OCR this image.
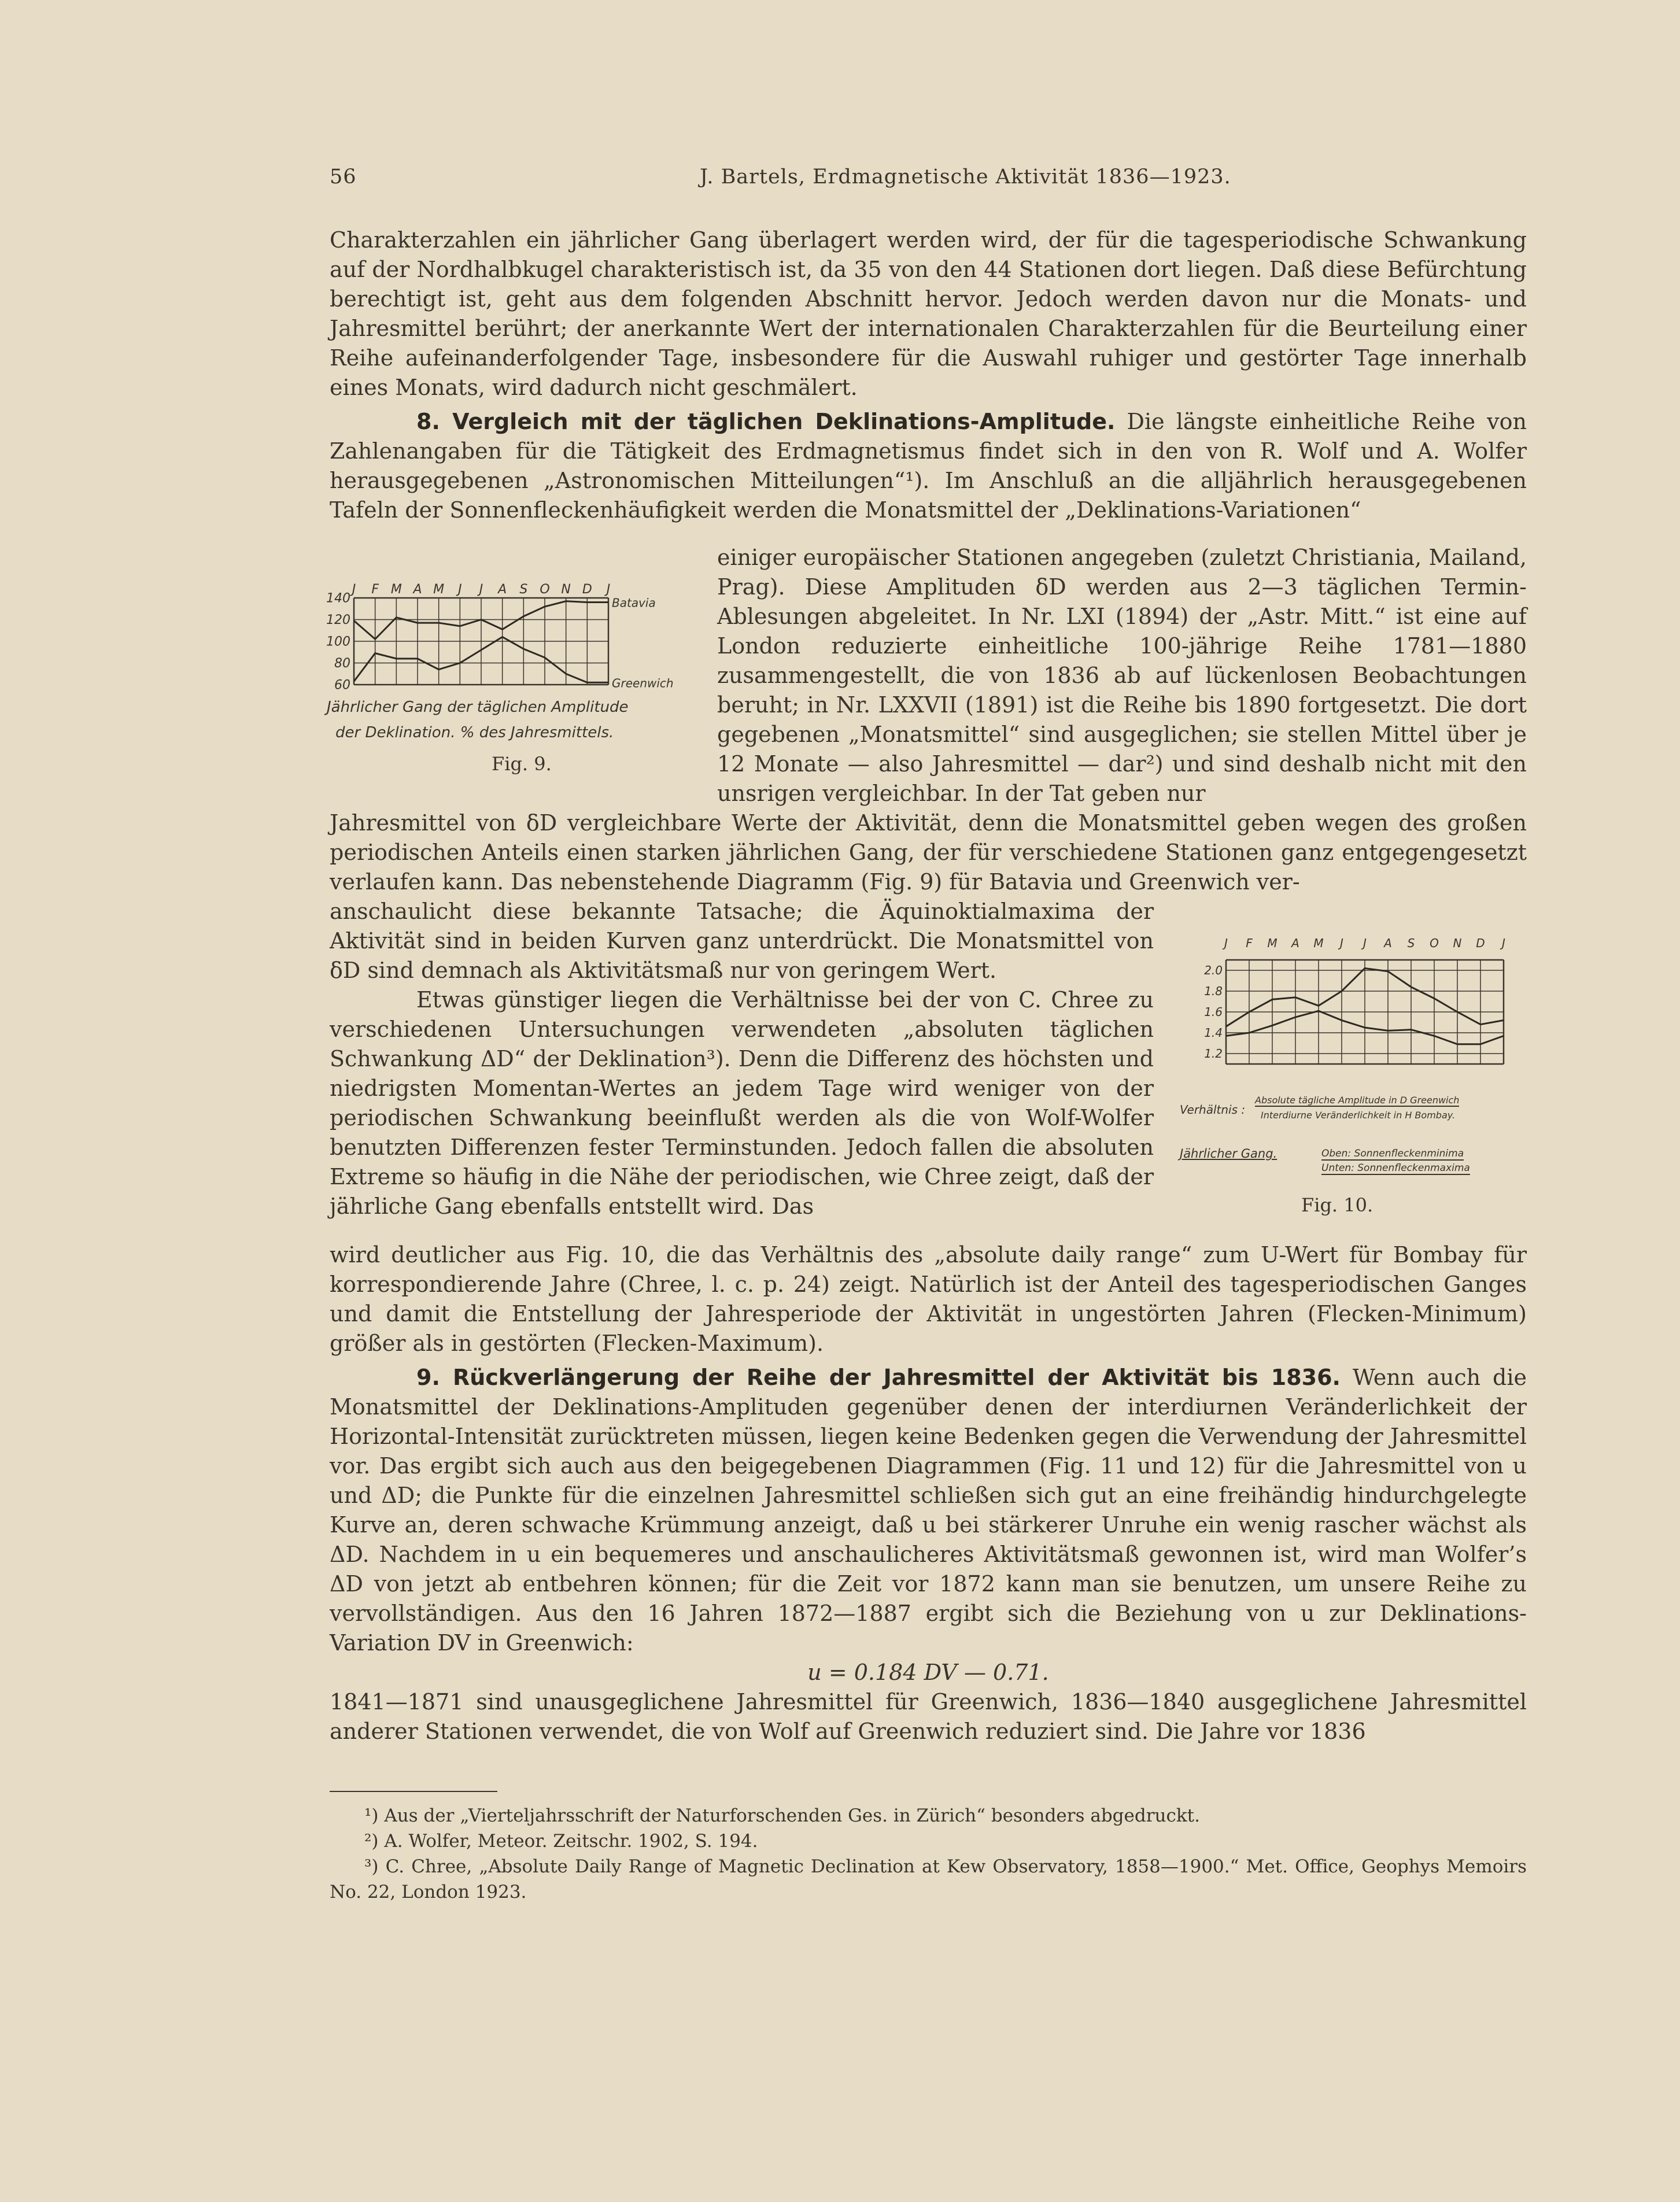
56	J. Bartels, Erdmagnetische Aktivität 1836—1923.

Charakterzahlen ein jährlicher Gang überlagert werden wird, der für die tagesperiodische Schwankung auf der Nordhalbkugel charakteristisch ist, da 35 von den 44 Stationen dort liegen. Daß diese Befürchtung berechtigt ist, geht aus dem folgenden Abschnitt hervor. Jedoch werden davon nur die Monats- und Jahresmittel berührt; der anerkannte Wert der internationalen Charakterzahlen für die Beurteilung einer Reihe aufeinanderfolgender Tage, insbesondere für die Auswahl ruhiger und gestörter Tage innerhalb eines Monats, wird dadurch nicht geschmälert.

8. Vergleich mit der täglichen Deklinations-Amplitude. Die längste einheitliche Reihe von Zahlenangaben für die Tätigkeit des Erdmagnetismus findet sich in den von R. Wolf und A. Wolfer herausgegebenen „Astronomischen Mitteilungen“¹). Im Anschluß an die alljährlich herausgegebenen Tafeln der Sonnenfleckenhäufigkeit werden die Monatsmittel der „Deklinations-Variationen“

J F M A M J J A S O N D J
140
120
100
80
60
Batavia
Greenwich
Jährlicher Gang der täglichen Amplitude
der Deklination. % des Jahresmittels.
Fig. 9.

einiger europäischer Stationen angegeben (zuletzt Christiania, Mailand, Prag). Diese Amplituden δD werden aus 2—3 täglichen Termin-Ablesungen abgeleitet. In Nr. LXI (1894) der „Astr. Mitt.“ ist eine auf London reduzierte einheitliche 100-jährige Reihe 1781—1880 zusammengestellt, die von 1836 ab auf lückenlosen Beobachtungen beruht; in Nr. LXXVII (1891) ist die Reihe bis 1890 fortgesetzt. Die dort gegebenen „Monatsmittel“ sind ausgeglichen; sie stellen Mittel über je 12 Monate — also Jahresmittel — dar²) und sind deshalb nicht mit den unsrigen vergleichbar. In der Tat geben nur

Jahresmittel von δD vergleichbare Werte der Aktivität, denn die Monatsmittel geben wegen des großen periodischen Anteils einen starken jährlichen Gang, der für verschiedene Stationen ganz entgegengesetzt verlaufen kann. Das nebenstehende Diagramm (Fig. 9) für Batavia und Greenwich ver-

anschaulicht diese bekannte Tatsache; die Äquinoktialmaxima der Aktivität sind in beiden Kurven ganz unterdrückt. Die Monatsmittel von δD sind demnach als Aktivitätsmaß nur von geringem Wert.

Etwas günstiger liegen die Verhältnisse bei der von C. Chree zu verschiedenen Untersuchungen verwendeten „absoluten täglichen Schwankung ΔD“ der Deklination³). Denn die Differenz des höchsten und niedrigsten Momentan-Wertes an jedem Tage wird weniger von der periodischen Schwankung beeinflußt werden als die von Wolf-Wolfer benutzten Differenzen fester Terminstunden. Jedoch fallen die absoluten Extreme so häufig in die Nähe der periodischen, wie Chree zeigt, daß der jährliche Gang ebenfalls entstellt wird. Das

J F M A M J J A S O N D J
2.0
1.8
1.6
1.4
1.2
Verhältnis :
Absolute tägliche Amplitude in D Greenwich
Interdiurne Veränderlichkeit in H Bombay.
Jährlicher Gang.	Oben: Sonnenfleckenminima
Unten: Sonnenfleckenmaxima
Fig. 10.

wird deutlicher aus Fig. 10, die das Verhältnis des „absolute daily range“ zum U-Wert für Bombay für korrespondierende Jahre (Chree, l. c. p. 24) zeigt. Natürlich ist der Anteil des tagesperiodischen Ganges und damit die Entstellung der Jahresperiode der Aktivität in ungestörten Jahren (Flecken-Minimum) größer als in gestörten (Flecken-Maximum).

9. Rückverlängerung der Reihe der Jahresmittel der Aktivität bis 1836. Wenn auch die Monatsmittel der Deklinations-Amplituden gegenüber denen der interdiurnen Veränderlichkeit der Horizontal-Intensität zurücktreten müssen, liegen keine Bedenken gegen die Verwendung der Jahresmittel vor. Das ergibt sich auch aus den beigegebenen Diagrammen (Fig. 11 und 12) für die Jahresmittel von u und ΔD; die Punkte für die einzelnen Jahresmittel schließen sich gut an eine freihändig hindurchgelegte Kurve an, deren schwache Krümmung anzeigt, daß u bei stärkerer Unruhe ein wenig rascher wächst als ΔD. Nachdem in u ein bequemeres und anschaulicheres Aktivitätsmaß gewonnen ist, wird man Wolfer’s ΔD von jetzt ab entbehren können; für die Zeit vor 1872 kann man sie benutzen, um unsere Reihe zu vervollständigen. Aus den 16 Jahren 1872—1887 ergibt sich die Beziehung von u zur Deklinations-Variation DV in Greenwich:

u = 0.184 DV — 0.71.

1841—1871 sind unausgeglichene Jahresmittel für Greenwich, 1836—1840 ausgeglichene Jahresmittel anderer Stationen verwendet, die von Wolf auf Greenwich reduziert sind. Die Jahre vor 1836

¹) Aus der „Vierteljahrsschrift der Naturforschenden Ges. in Zürich“ besonders abgedruckt.

²) A. Wolfer, Meteor. Zeitschr. 1902, S. 194.

³) C. Chree, „Absolute Daily Range of Magnetic Declination at Kew Observatory, 1858—1900.“ Met. Office, Geophys Memoirs No. 22, London 1923.
